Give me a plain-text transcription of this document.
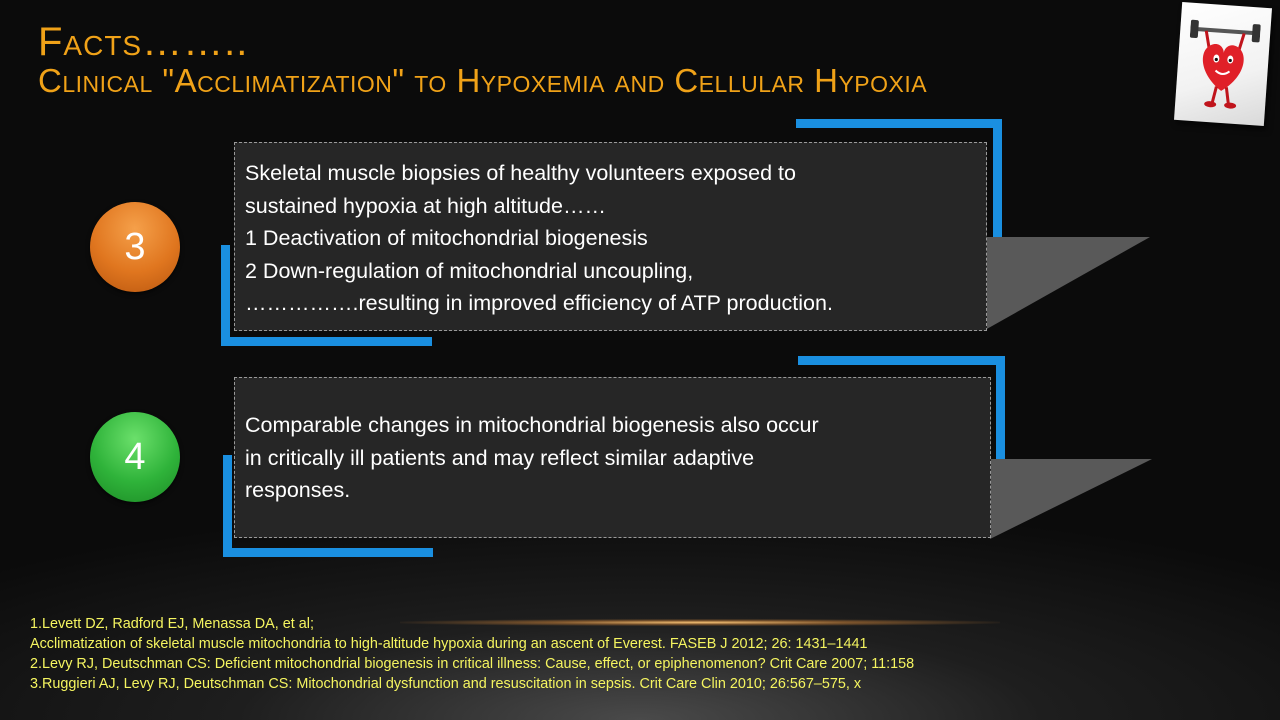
Facts……..
Clinical "Acclimatization" to Hypoxemia and Cellular Hypoxia
3

Skeletal muscle biopsies of healthy volunteers exposed to

sustained hypoxia at high altitude……

1 Deactivation of mitochondrial biogenesis

2 Down-regulation of mitochondrial uncoupling,

…………….resulting in improved efficiency of ATP production.

4

Comparable changes in mitochondrial biogenesis also occur

in critically ill patients and may reflect similar adaptive

responses.

1.Levett DZ, Radford EJ, Menassa DA, et al;

Acclimatization of skeletal muscle mitochondria to high-altitude hypoxia during an ascent of Everest. FASEB J 2012; 26: 1431–1441

2.Levy RJ, Deutschman CS: Deficient mitochondrial biogenesis in critical illness: Cause, effect, or epiphenomenon? Crit Care 2007; 11:158

3.Ruggieri AJ, Levy RJ, Deutschman CS: Mitochondrial dysfunction and resuscitation in sepsis. Crit Care Clin 2010; 26:567–575, x
